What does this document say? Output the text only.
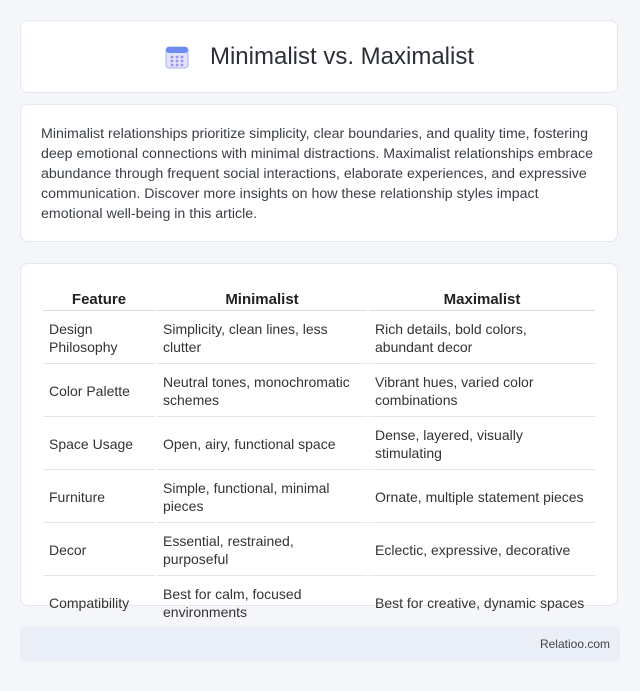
Minimalist vs. Maximalist

Minimalist relationships prioritize simplicity, clear boundaries, and quality time, fostering deep emotional connections with minimal distractions. Maximalist relationships embrace abundance through frequent social interactions, elaborate experiences, and expressive communication. Discover more insights on how these relationship styles impact emotional well-being in this article.

Feature	Minimalist	Maximalist
Design Philosophy	Simplicity, clean lines, less clutter	Rich details, bold colors, abundant decor
Color Palette	Neutral tones, monochromatic schemes	Vibrant hues, varied color combinations
Space Usage	Open, airy, functional space	Dense, layered, visually stimulating
Furniture	Simple, functional, minimal pieces	Ornate, multiple statement pieces
Decor	Essential, restrained, purposeful	Eclectic, expressive, decorative
Compatibility	Best for calm, focused environments	Best for creative, dynamic spaces
Relatioo.com
